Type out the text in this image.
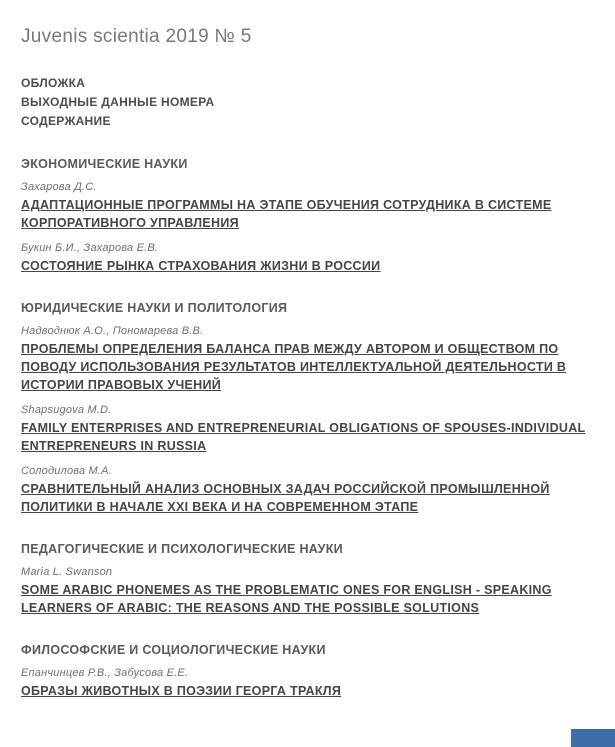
Juvenis scientia 2019 № 5
ОБЛОЖКА
ВЫХОДНЫЕ ДАННЫЕ НОМЕРА
СОДЕРЖАНИЕ
ЭКОНОМИЧЕСКИЕ НАУКИ
Захарова Д.С.
АДАПТАЦИОННЫЕ ПРОГРАММЫ НА ЭТАПЕ ОБУЧЕНИЯ СОТРУДНИКА В СИСТЕМЕ КОРПОРАТИВНОГО УПРАВЛЕНИЯ
Букин Б.И., Захарова Е.В.
СОСТОЯНИЕ РЫНКА СТРАХОВАНИЯ ЖИЗНИ В РОССИИ
ЮРИДИЧЕСКИЕ НАУКИ И ПОЛИТОЛОГИЯ
Надводнюк А.О., Пономарева В.В.
ПРОБЛЕМЫ ОПРЕДЕЛЕНИЯ БАЛАНСА ПРАВ МЕЖДУ АВТОРОМ И ОБЩЕСТВОМ ПО ПОВОДУ ИСПОЛЬЗОВАНИЯ РЕЗУЛЬТАТОВ ИНТЕЛЛЕКТУАЛЬНОЙ ДЕЯТЕЛЬНОСТИ В ИСТОРИИ ПРАВОВЫХ УЧЕНИЙ
Shapsugova M.D.
FAMILY ENTERPRISES AND ENTREPRENEURIAL OBLIGATIONS OF SPOUSES-INDIVIDUAL ENTREPRENEURS IN RUSSIA
Солодилова М.А.
СРАВНИТЕЛЬНЫЙ АНАЛИЗ ОСНОВНЫХ ЗАДАЧ РОССИЙСКОЙ ПРОМЫШЛЕННОЙ ПОЛИТИКИ В НАЧАЛЕ XXI ВЕКА И НА СОВРЕМЕННОМ ЭТАПЕ
ПЕДАГОГИЧЕСКИЕ И ПСИХОЛОГИЧЕСКИЕ НАУКИ
Maria L. Swanson
SOME ARABIC PHONEMES AS THE PROBLEMATIC ONES FOR ENGLISH - SPEAKING LEARNERS OF ARABIC: THE REASONS AND THE POSSIBLE SOLUTIONS
ФИЛОСОФСКИЕ И СОЦИОЛОГИЧЕСКИЕ НАУКИ
Епанчинцев Р.В., Забусова Е.Е.
ОБРАЗЫ ЖИВОТНЫХ В ПОЭЗИИ ГЕОРГА ТРАКЛЯ
